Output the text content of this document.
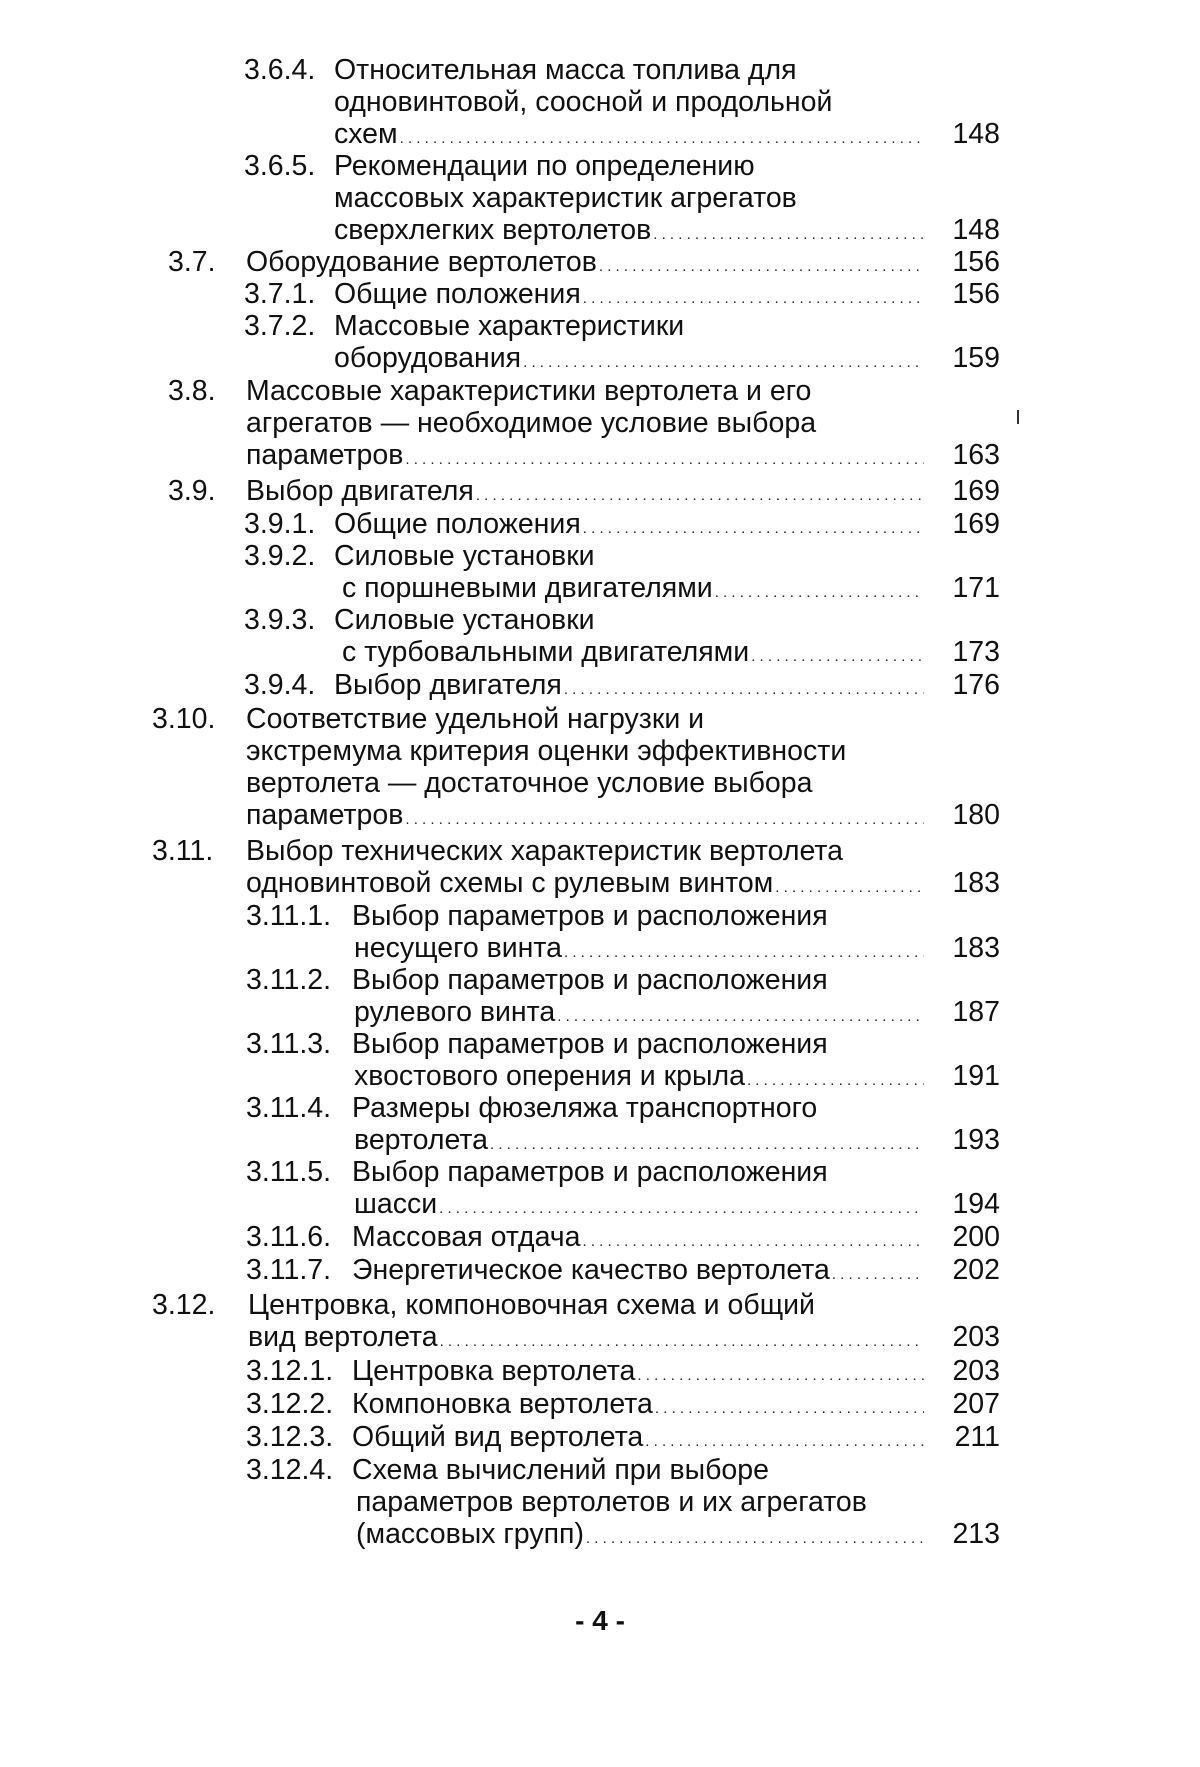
3.6.4. Относительная масса топлива для
одновинтовой, соосной и продольной
схем . . .	148
3.6.5. Рекомендации по определению
массовых характеристик агрегатов
сверхлегких вертолетов . . .	148
3.7. Оборудование вертолетов . . .	156
3.7.1. Общие положения . . .	156
3.7.2. Массовые характеристики
оборудования . . .	159
3.8. Массовые характеристики вертолета и его
агрегатов — необходимое условие выбора
параметров . . .	163
3.9. Выбор двигателя . . .	169
3.9.1. Общие положения . . .	169
3.9.2. Силовые установки
с поршневыми двигателями . . .	171
3.9.3. Силовые установки
с турбовальными двигателями . . .	173
3.9.4. Выбор двигателя . . .	176
3.10. Соответствие удельной нагрузки и
экстремума критерия оценки эффективности
вертолета — достаточное условие выбора
параметров . . .	180
3.11. Выбор технических характеристик вертолета
одновинтовой схемы с рулевым винтом . . .	183
3.11.1. Выбор параметров и расположения
несущего винта . . .	183
3.11.2. Выбор параметров и расположения
рулевого винта . . .	187
3.11.3. Выбор параметров и расположения
хвостового оперения и крыла . . .	191
3.11.4. Размеры фюзеляжа транспортного
вертолета . . .	193
3.11.5. Выбор параметров и расположения
шасси . . .	194
3.11.6. Массовая отдача . . .	200
3.11.7. Энергетическое качество вертолета . . .	202
3.12. Центровка, компоновочная схема и общий
вид вертолета . . .	203
3.12.1. Центровка вертолета . . .	203
3.12.2. Компоновка вертолета . . .	207
3.12.3. Общий вид вертолета . . .	211
3.12.4. Схема вычислений при выборе
параметров вертолетов и их агрегатов
(массовых групп) . . .	213
- 4 -
